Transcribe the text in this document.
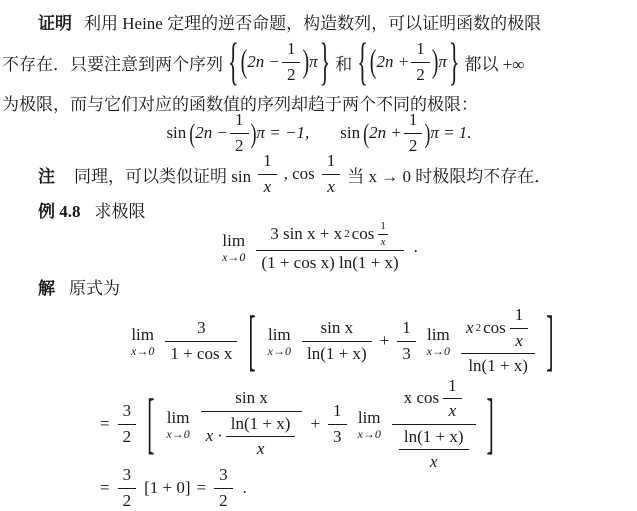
证明 利用 Heine 定理的逆否命题，构造数列，可以证明函数的极限
不存在．只要注意到两个序列 { ( $2n - \frac{1}{2}$ ) π } 和 { ( $2n + \frac{1}{2}$ ) π } 都以 +∞
为极限，而与它们对应的函数值的序列却趋于两个不同的极限：
sin ( $2n - \frac{1}{2}$ ) π = −1, sin ( $2n + \frac{1}{2}$ ) π = 1.
注 同理，可以类似证明 $\sin \frac{1}{x}$ , $\cos \frac{1}{x}$ 当 x → 0 时极限均不存在．
例 4.8 求极限
lim
$x\to 0 \frac{3 \sin x + x 2 \cos \frac{1}{x}}{\text{(1 + cos x) ln(1 + x)}}$ .
解 原式为
lim
$x\to 0 \frac{3}{\text{1 + cos x}}$ [ lim
$x\to 0 \frac{\text{sin x}}{\ln(1 + x)} + \frac{1}{3}$ lim
$x\to 0 \frac{x 2 \cos \frac{1}{x}}{\ln(1 + x)}$ ]
= $\frac{3}{2}$ [ lim
$x\to 0 \frac{\text{sin x}}{x \cdot \frac{\ln(1 + x)}{x}} + \frac{1}{3}$ lim
$x\to 0 \frac{x \cos \frac{1}{x}}{\frac{\ln(1 + x)}{x}}$ ]
= $\frac{3}{2} [1 + 0] = \frac{3}{2}$ .
